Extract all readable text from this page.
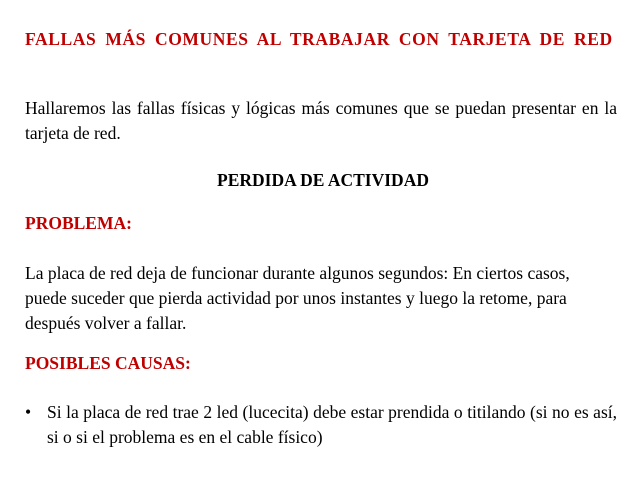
FALLAS MÁS COMUNES AL TRABAJAR CON TARJETA DE RED
Hallaremos las fallas físicas y lógicas más comunes que se puedan presentar en la tarjeta de red.
PERDIDA DE ACTIVIDAD
PROBLEMA:
La placa de red deja de funcionar durante algunos segundos: En ciertos casos, puede suceder que pierda actividad por unos instantes y luego la retome, para después volver a fallar.
POSIBLES CAUSAS:
• Si la placa de red trae 2 led (lucecita) debe estar prendida o titilando (si no es así, si o si el problema es en el cable físico)
